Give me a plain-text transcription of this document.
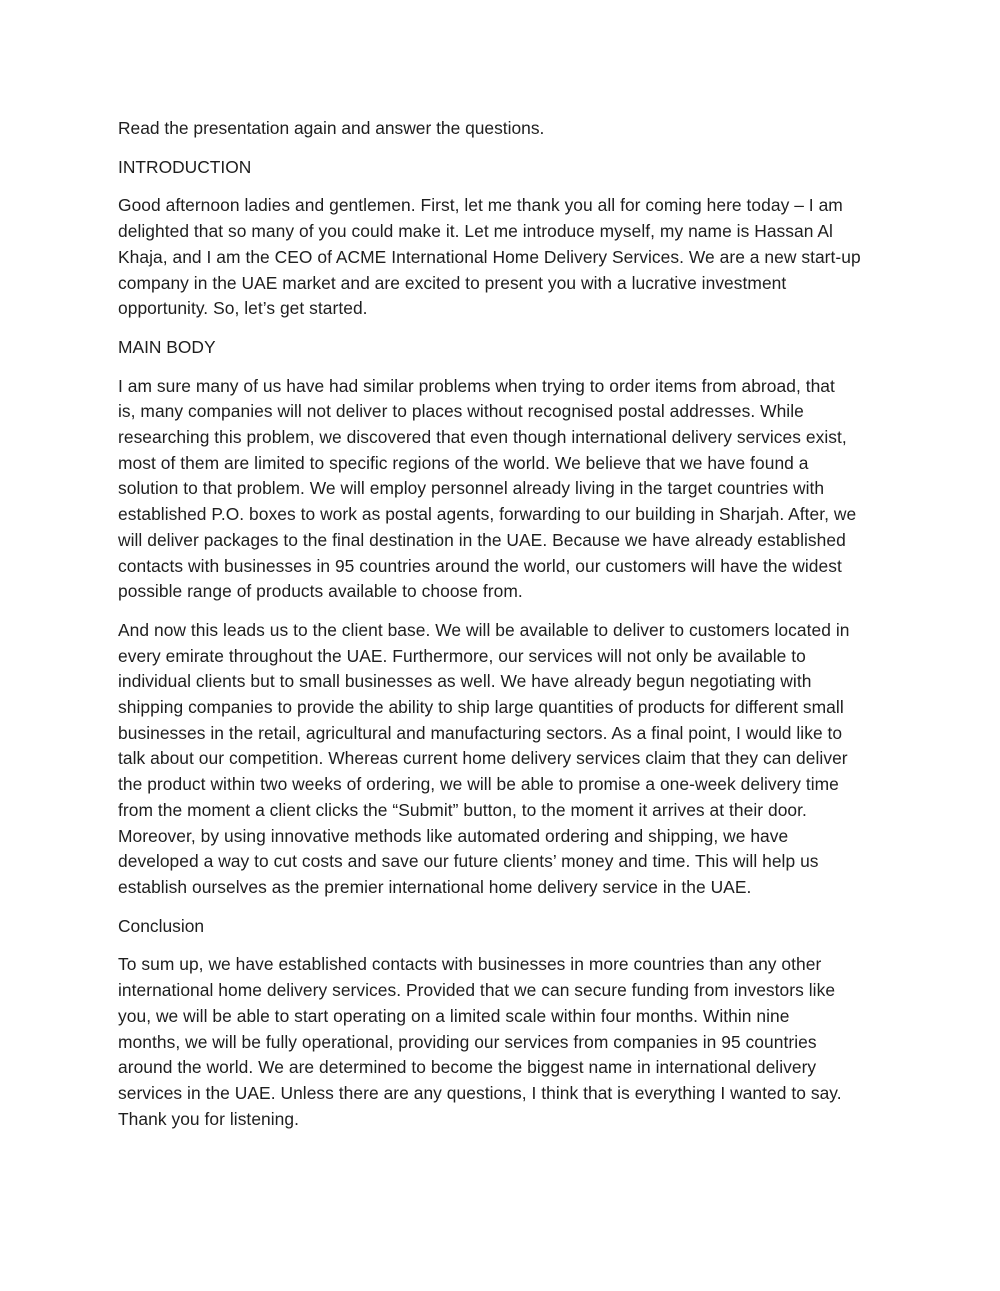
Read the presentation again and answer the questions.

INTRODUCTION

Good afternoon ladies and gentlemen. First, let me thank you all for coming here today – I am
delighted that so many of you could make it. Let me introduce myself, my name is Hassan Al
Khaja, and I am the CEO of ACME International Home Delivery Services. We are a new start-up
company in the UAE market and are excited to present you with a lucrative investment
opportunity. So, let’s get started.

MAIN BODY

I am sure many of us have had similar problems when trying to order items from abroad, that
is, many companies will not deliver to places without recognised postal addresses. While
researching this problem, we discovered that even though international delivery services exist,
most of them are limited to specific regions of the world. We believe that we have found a
solution to that problem. We will employ personnel already living in the target countries with
established P.O. boxes to work as postal agents, forwarding to our building in Sharjah. After, we
will deliver packages to the final destination in the UAE. Because we have already established
contacts with businesses in 95 countries around the world, our customers will have the widest
possible range of products available to choose from.

And now this leads us to the client base. We will be available to deliver to customers located in
every emirate throughout the UAE. Furthermore, our services will not only be available to
individual clients but to small businesses as well. We have already begun negotiating with
shipping companies to provide the ability to ship large quantities of products for different small
businesses in the retail, agricultural and manufacturing sectors. As a final point, I would like to
talk about our competition. Whereas current home delivery services claim that they can deliver
the product within two weeks of ordering, we will be able to promise a one-week delivery time
from the moment a client clicks the “Submit” button, to the moment it arrives at their door.
Moreover, by using innovative methods like automated ordering and shipping, we have
developed a way to cut costs and save our future clients’ money and time. This will help us
establish ourselves as the premier international home delivery service in the UAE.

Conclusion

To sum up, we have established contacts with businesses in more countries than any other
international home delivery services. Provided that we can secure funding from investors like
you, we will be able to start operating on a limited scale within four months. Within nine
months, we will be fully operational, providing our services from companies in 95 countries
around the world. We are determined to become the biggest name in international delivery
services in the UAE. Unless there are any questions, I think that is everything I wanted to say.
Thank you for listening.
